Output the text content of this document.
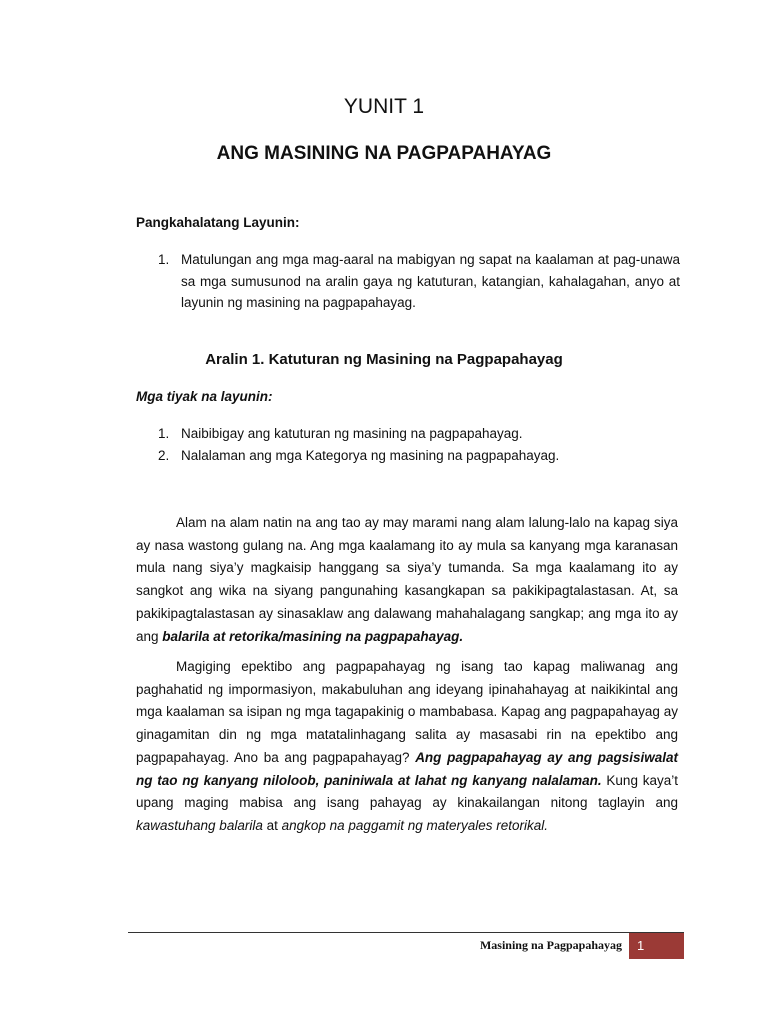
YUNIT 1
ANG MASINING NA PAGPAPAHAYAG
Pangkahalatang Layunin:
1. Matulungan ang mga mag-aaral na mabigyan ng sapat na kaalaman at pag-unawa sa mga sumusunod na aralin gaya ng katuturan, katangian, kahalagahan, anyo at layunin ng masining na pagpapahayag.
Aralin 1. Katuturan ng Masining na Pagpapahayag
Mga tiyak na layunin:
1. Naibibigay ang katuturan ng masining na pagpapahayag.
2. Nalalaman ang mga Kategorya ng masining na pagpapahayag.
Alam na alam natin na ang tao ay may marami nang alam lalung-lalo na kapag siya ay nasa wastong gulang na. Ang mga kaalamang ito ay mula sa kanyang mga karanasan mula nang siya’y magkaisip hanggang sa siya’y tumanda. Sa mga kaalamang ito ay sangkot ang wika na siyang pangunahing kasangkapan sa pakikipagtalastasan. At, sa pakikipagtalastasan ay sinasaklaw ang dalawang mahahalagang sangkap; ang mga ito ay ang balarila at retorika/masining na pagpapahayag.
Magiging epektibo ang pagpapahayag ng isang tao kapag maliwanag ang paghahatid ng impormasiyon, makabuluhan ang ideyang ipinahahayag at naikikintal ang mga kaalaman sa isipan ng mga tagapakinig o mambabasa. Kapag ang pagpapahayag ay ginagamitan din ng mga matatalinhagang salita ay masasabi rin na epektibo ang pagpapahayag. Ano ba ang pagpapahayag? Ang pagpapahayag ay ang pagsisiwalat ng tao ng kanyang niloloob, paniniwala at lahat ng kanyang nalalaman. Kung kaya’t upang maging mabisa ang isang pahayag ay kinakailangan nitong taglayin ang kawastuhang balarila at angkop na paggamit ng materyales retorikal.
Masining na Pagpapahayag	1
